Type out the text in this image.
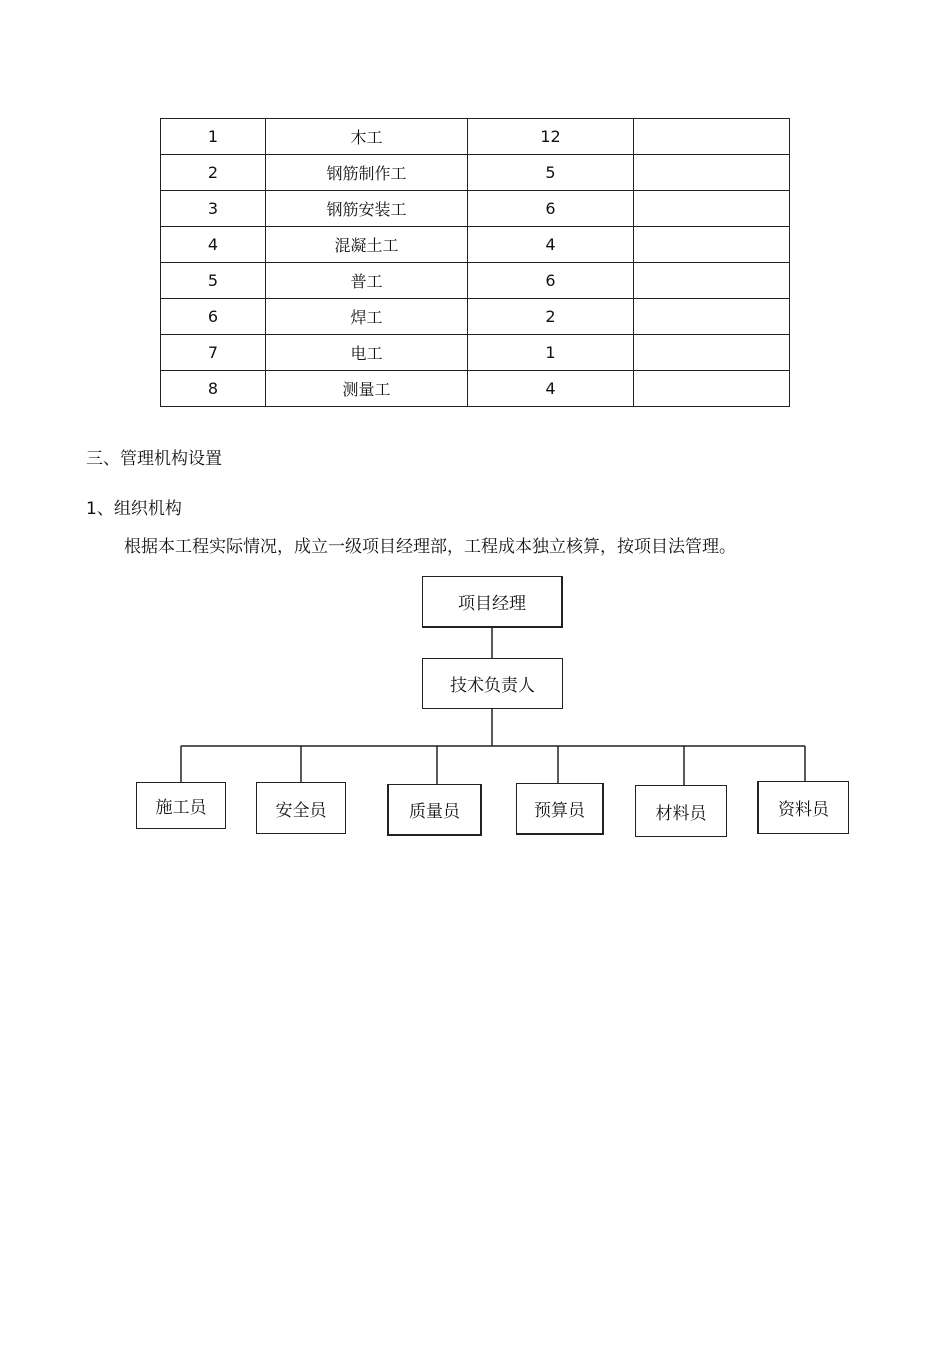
1	木工	12	
2	钢筋制作工	5	
3	钢筋安装工	6	
4	混凝土工	4	
5	普工	6	
6	焊工	2	
7	电工	1	
8	测量工	4	
三、管理机构设置
1、组织机构
根据本工程实际情况，成立一级项目经理部，工程成本独立核算，按项目法管理。
项目经理
技术负责人
施工员	安全员	质量员	预算员	材料员	资料员
